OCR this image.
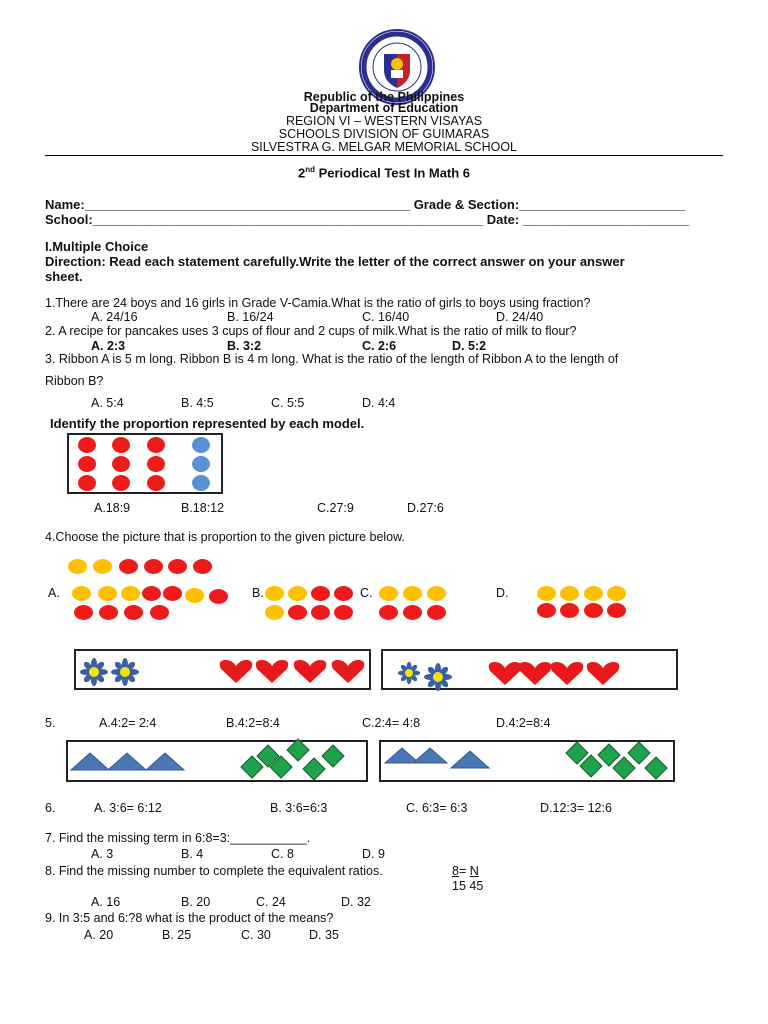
Republic of the Philippines
Department of Education
REGION VI – WESTERN VISAYAS
SCHOOLS DIVISION OF GUIMARAS
SILVESTRA G. MELGAR MEMORIAL SCHOOL
2nd Periodical Test In Math 6
Name:_____________________________________________ Grade & Section:_______________________
School:______________________________________________________ Date: _______________________
I.Multiple Choice
Direction: Read each statement carefully.Write the letter of the correct answer on your answer
sheet.
1.There are 24 boys and 16 girls in Grade V-Camia.What is the ratio of girls to boys using fraction?
A. 24/16	B. 16/24	C. 16/40	D. 24/40
2. A recipe for pancakes uses 3 cups of flour and 2 cups of milk.What is the ratio of milk to flour?
A. 2:3	B. 3:2	C. 2:6	D. 5:2
3. Ribbon A is 5 m long. Ribbon B is 4 m long. What is the ratio of the length of Ribbon A to the length of
Ribbon B?
A. 5:4	B. 4:5	C. 5:5	D. 4:4
Identify the proportion represented by each model.
A.18:9	B.18:12	C.27:9	D.27:6
4.Choose the picture that is proportion to the given picture below.
A.	B.	C.	D.
5.	A.4:2= 2:4	B.4:2=8:4	C.2:4= 4:8	D.4:2=8:4
6.	A. 3:6= 6:12	B. 3:6=6:3	C. 6:3= 6:3	D.12:3= 12:6
7. Find the missing term in 6:8=3:___________.
A. 3	B. 4	C. 8	D. 9
8. Find the missing number to complete the equivalent ratios.	8= N
15 45
A. 16	B. 20	C. 24	D. 32
9. In 3:5 and 6:?8 what is the product of the means?
A. 20	B. 25	C. 30	D. 35
